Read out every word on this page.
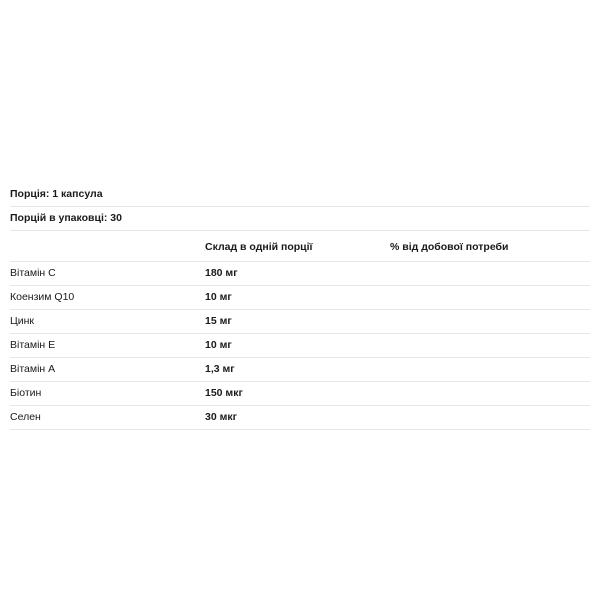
Порція: 1 капсула		
Порцій в упаковці: 30		
	Склад в одній порції	% від добової потреби
Вітамін C	180 мг	
Коензим Q10	10 мг	
Цинк	15 мг	
Вітамін E	10 мг	
Вітамін A	1,3 мг	
Біотин	150 мкг	
Селен	30 мкг	
